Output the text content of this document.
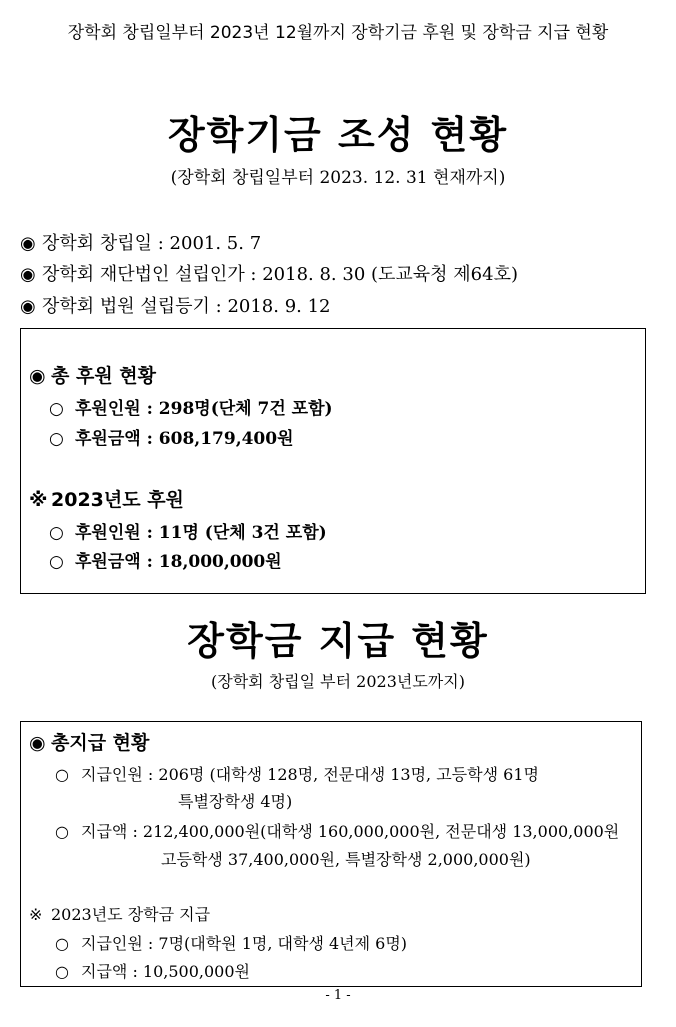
장학회 창립일부터 2023년 12월까지 장학기금 후원 및 장학금 지급 현황
장학기금 조성 현황
(장학회 창립일부터 2023. 12. 31 현재까지)
◉ 장학회 창립일 : 2001. 5. 7
◉ 장학회 재단법인 설립인가 : 2018. 8. 30 (도교육청 제64호)
◉ 장학회 법원 설립등기 : 2018. 9. 12
◉ 총 후원 현황
○ 후원인원 : 298명(단체 7건 포함)
○ 후원금액 : 608,179,400원
※ 2023년도 후원
○ 후원인원 : 11명 (단체 3건 포함)
○ 후원금액 : 18,000,000원
장학금 지급 현황
(장학회 창립일 부터 2023년도까지)
◉ 총지급 현황
○ 지급인원 : 206명 (대학생 128명, 전문대생 13명, 고등학생 61명
특별장학생 4명)
○ 지급액 : 212,400,000원(대학생 160,000,000원, 전문대생 13,000,000원
고등학생 37,400,000원, 특별장학생 2,000,000원)
※ 2023년도 장학금 지급
○ 지급인원 : 7명(대학원 1명, 대학생 4년제 6명)
○ 지급액 : 10,500,000원
- 1 -
